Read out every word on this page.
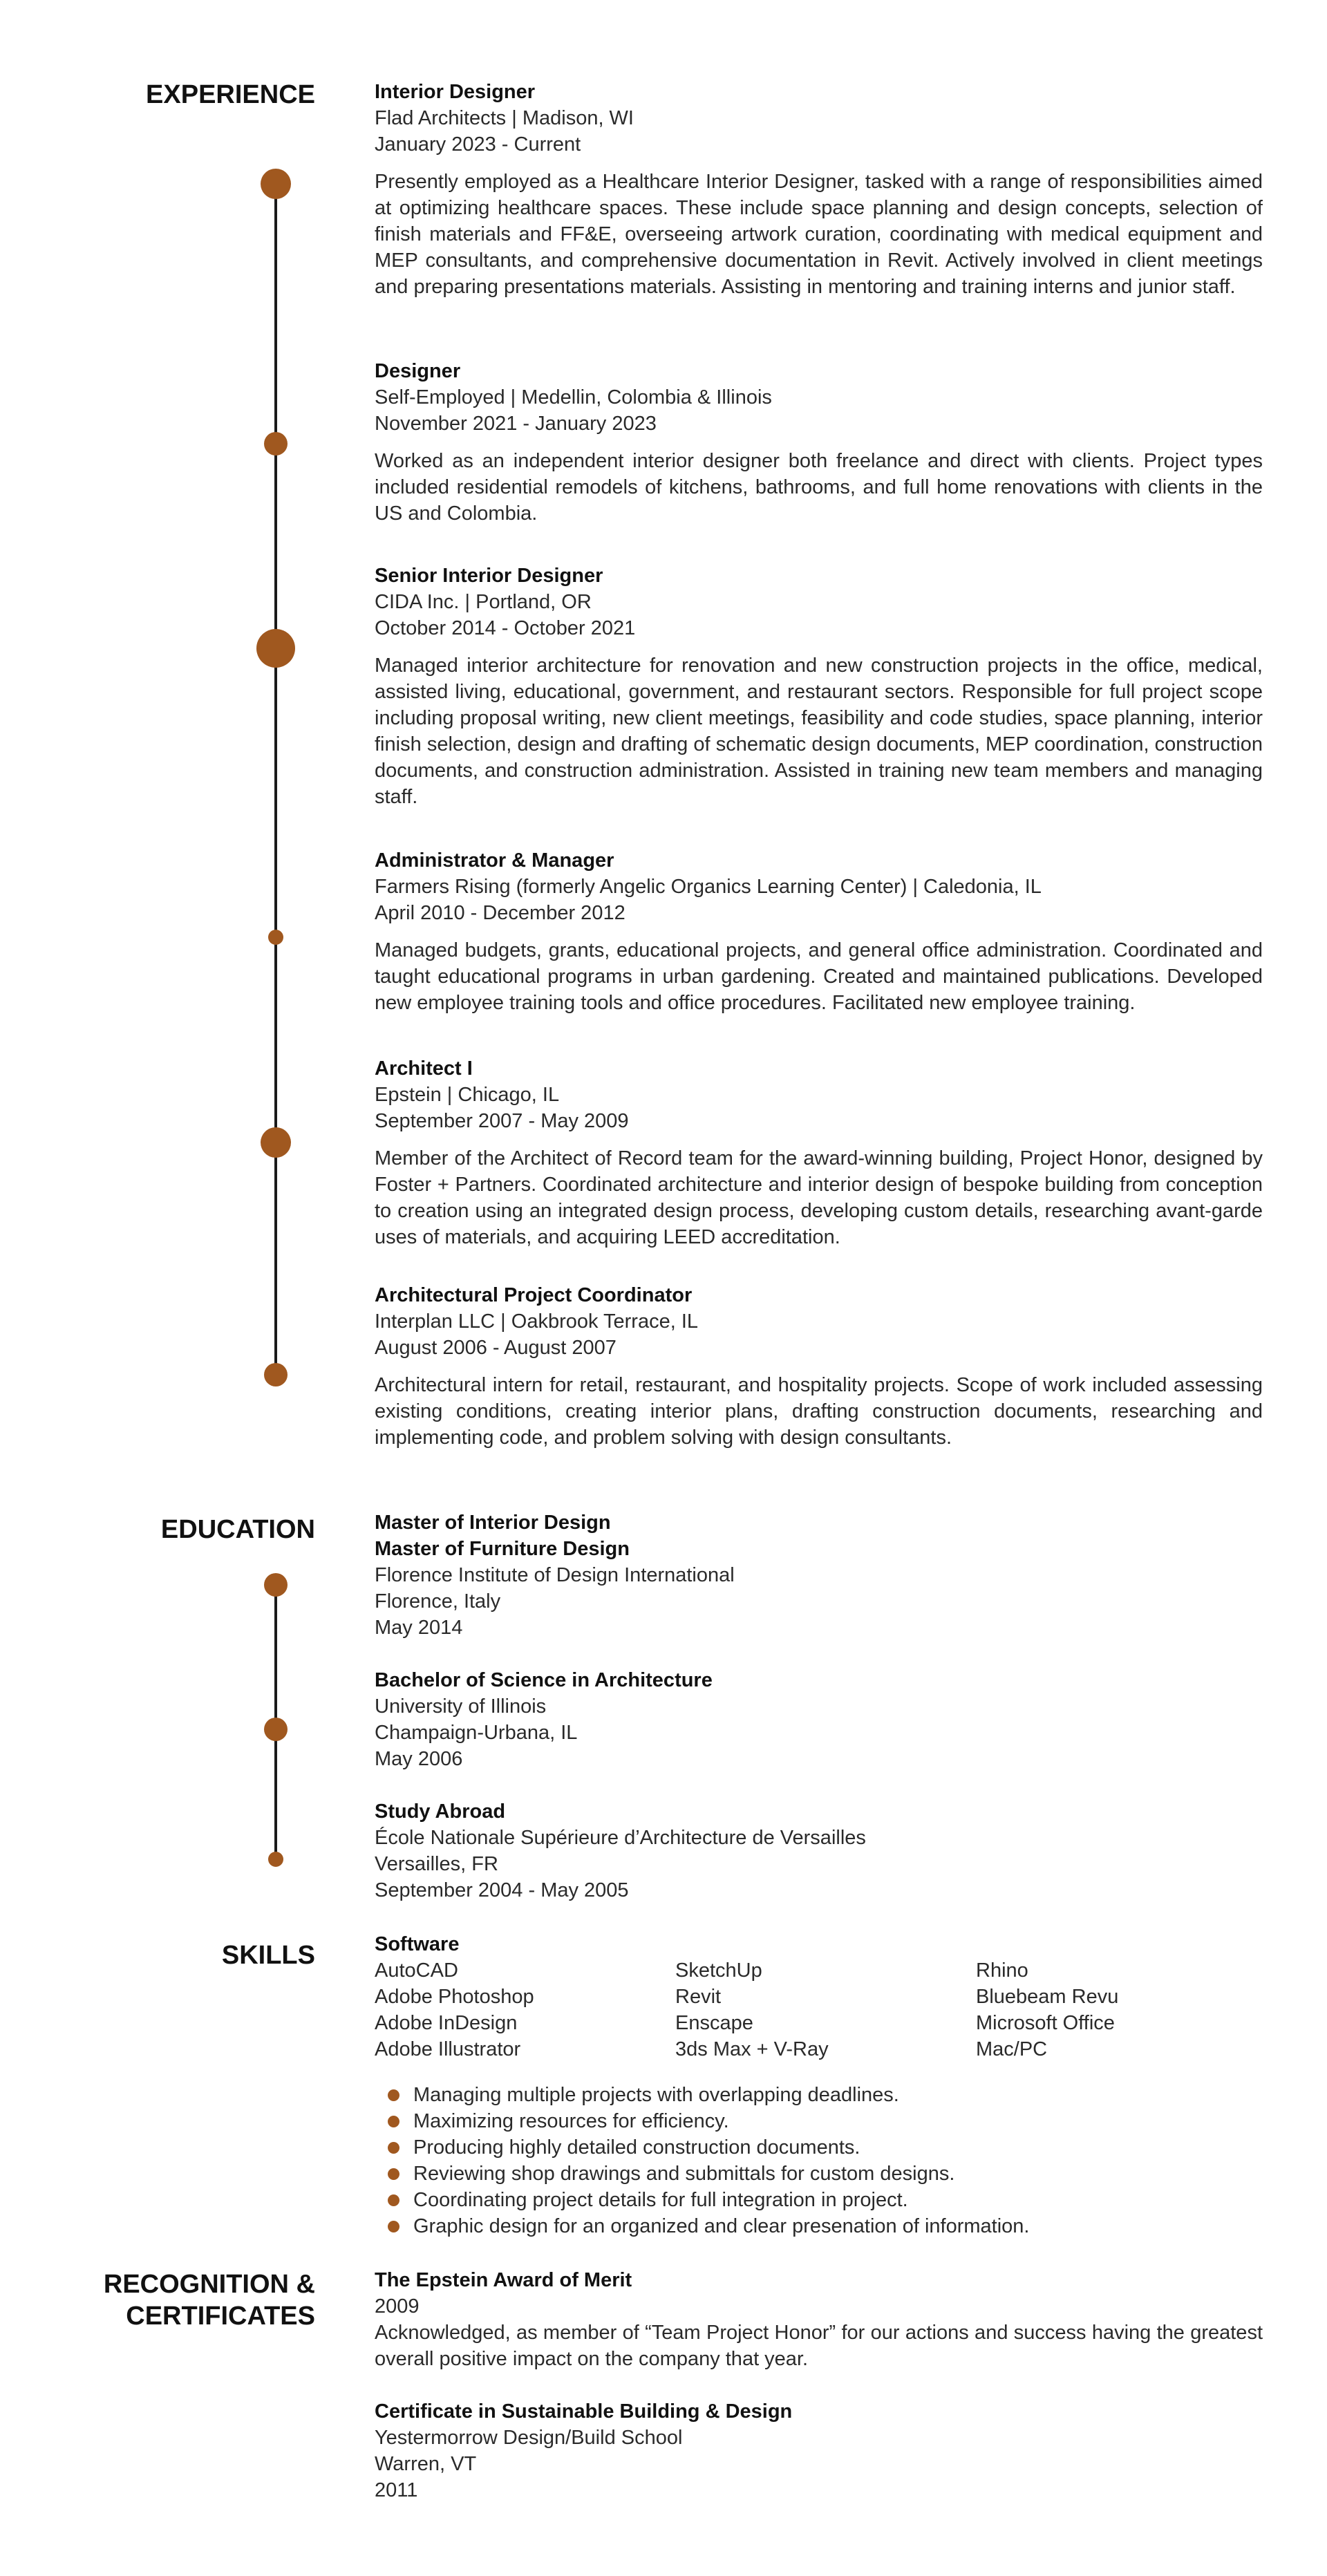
EXPERIENCE
EDUCATION
SKILLS
RECOGNITION &
CERTIFICATES
Interior Designer
Flad Architects | Madison, WI
January 2023 - Current
Presently employed as a Healthcare Interior Designer, tasked with a range of responsibilities aimed at optimizing healthcare spaces. These include space planning and design concepts, selection of finish materials and FF&E, overseeing artwork curation, coordinating with medical equipment and MEP consultants, and comprehensive documentation in Revit. Actively involved in client meetings and preparing presentations materials. Assisting in mentoring and training interns and junior staff.
Designer
Self-Employed | Medellin, Colombia & Illinois
November 2021 - January 2023
Worked as an independent interior designer both freelance and direct with clients. Project types included residential remodels of kitchens, bathrooms, and full home renovations with clients in the US and Colombia.
Senior Interior Designer
CIDA Inc. | Portland, OR
October 2014 - October 2021
Managed interior architecture for renovation and new construction projects in the office, medical, assisted living, educational, government, and restaurant sectors. Responsible for full project scope including proposal writing, new client meetings, feasibility and code studies, space planning, interior finish selection, design and drafting of schematic design documents, MEP coordination, construction documents, and construction administration. Assisted in training new team members and managing staff.
Administrator & Manager
Farmers Rising (formerly Angelic Organics Learning Center) | Caledonia, IL
April 2010 - December 2012
Managed budgets, grants, educational projects, and general office administration. Coordinated and taught educational programs in urban gardening. Created and maintained publications. Developed new employee training tools and office procedures. Facilitated new employee training.
Architect I
Epstein | Chicago, IL
September 2007 - May 2009
Member of the Architect of Record team for the award-winning building, Project Honor, designed by Foster + Partners. Coordinated architecture and interior design of bespoke building from conception to creation using an integrated design process, developing custom details, researching avant-garde uses of materials, and acquiring LEED accreditation.
Architectural Project Coordinator
Interplan LLC | Oakbrook Terrace, IL
August 2006 - August 2007
Architectural intern for retail, restaurant, and hospitality projects. Scope of work included assessing existing conditions, creating interior plans, drafting construction documents, researching and implementing code, and problem solving with design consultants.
Master of Interior Design
Master of Furniture Design
Florence Institute of Design International
Florence, Italy
May 2014
Bachelor of Science in Architecture
University of Illinois
Champaign-Urbana, IL
May 2006
Study Abroad
École Nationale Supérieure d’Architecture de Versailles
Versailles, FR
September 2004 - May 2005
Software
AutoCAD	SketchUp	Rhino
Adobe Photoshop	Revit	Bluebeam Revu
Adobe InDesign	Enscape	Microsoft Office
Adobe Illustrator	3ds Max + V-Ray	Mac/PC
Managing multiple projects with overlapping deadlines.
Maximizing resources for efficiency.
Producing highly detailed construction documents.
Reviewing shop drawings and submittals for custom designs.
Coordinating project details for full integration in project.
Graphic design for an organized and clear presenation of information.
The Epstein Award of Merit
2009
Acknowledged, as member of “Team Project Honor” for our actions and success having the greatest overall positive impact on the company that year.
Certificate in Sustainable Building & Design
Yestermorrow Design/Build School
Warren, VT
2011
